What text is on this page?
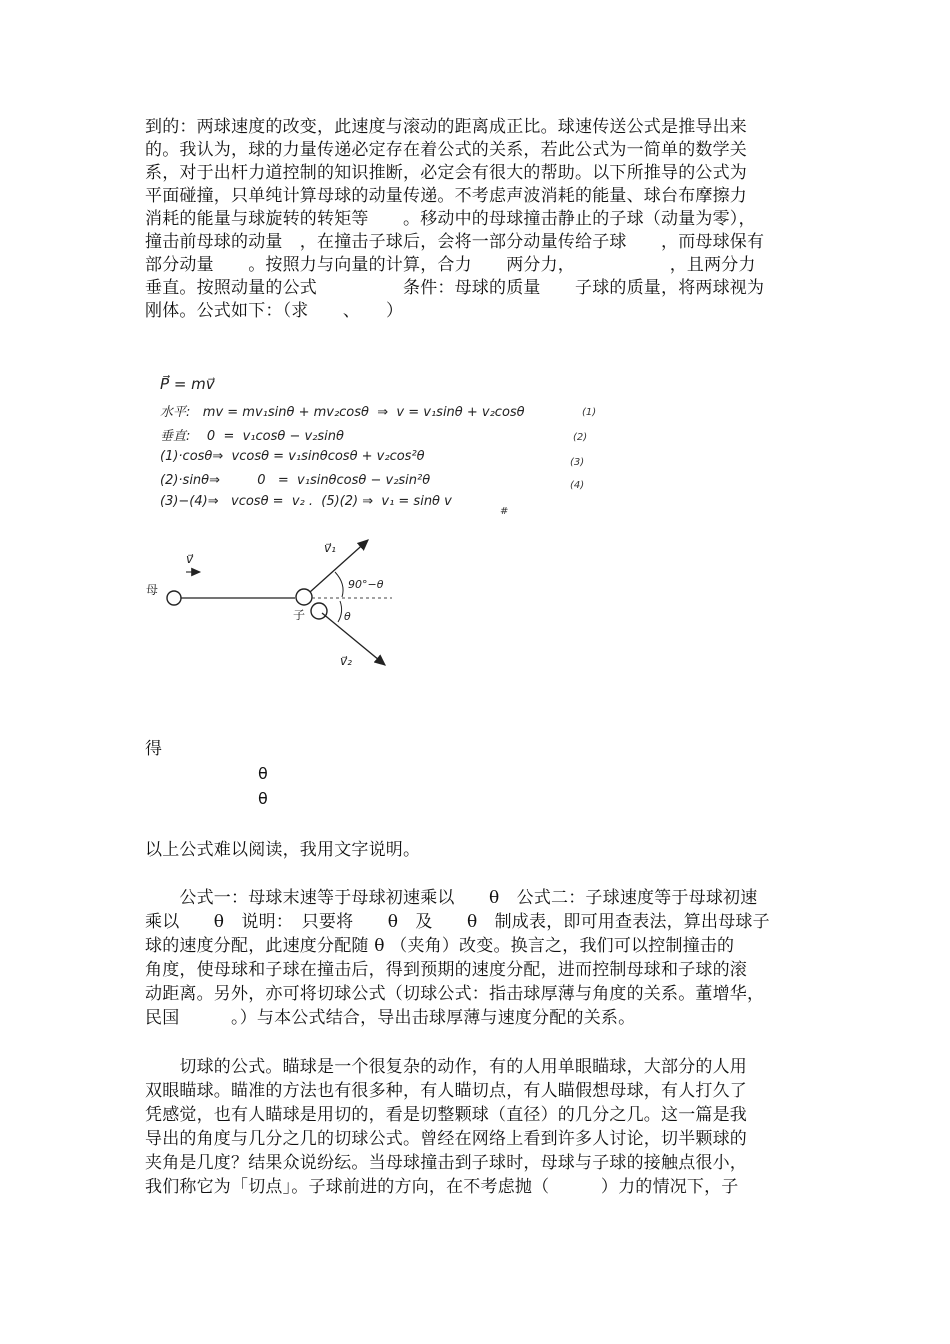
到的：两球速度的改变，此速度与滚动的距离成正比。球速传送公式是推导出来
的。我认为，球的力量传递必定存在着公式的关系，若此公式为一简单的数学关
系，对于出杆力道控制的知识推断，必定会有很大的帮助。以下所推导的公式为
平面碰撞，只单纯计算母球的动量传递。不考虑声波消耗的能量、球台布摩擦力
消耗的能量与球旋转的转矩等　　。移动中的母球撞击静止的子球（动量为零），
撞击前母球的动量　，在撞击子球后，会将一部分动量传给子球　　，而母球保有
部分动量　　。按照力与向量的计算，合力　　两分力，　　　　　　，且两分力
垂直。按照动量的公式　　　　　条件：母球的质量　　子球的质量，将两球视为
刚体。公式如下：（求　　、　　）
P⃗ = mv⃗
水平:   mv = mv₁sinθ + mv₂cosθ  ⇒  v = v₁sinθ + v₂cosθ
垂直:    0  =  v₁cosθ − v₂sinθ
(1)·cosθ⇒  vcosθ = v₁sinθcosθ + v₂cos²θ
(2)·sinθ⇒         0   =  v₁sinθcosθ − v₂sin²θ
(3)−(4)⇒   vcosθ =  v₂ .  (5)(2) ⇒  v₁ = sinθ v
(1)
(2)
(3)
(4)
#
母
子
v⃗
v⃗₁
v⃗₂
90°−θ
θ
得
θ
θ
以上公式难以阅读，我用文字说明。
　　公式一：母球末速等于母球初速乘以　　θ　公式二：子球速度等于母球初速
乘以　　θ　说明：　只要将　　θ　及　　θ　制成表，即可用查表法，算出母球子
球的速度分配，此速度分配随 θ （夹角）改变。换言之，我们可以控制撞击的
角度，使母球和子球在撞击后，得到预期的速度分配，进而控制母球和子球的滚
动距离。另外，亦可将切球公式（切球公式：指击球厚薄与角度的关系。董增华，
民国　　　。）与本公式结合，导出击球厚薄与速度分配的关系。
　　切球的公式。瞄球是一个很复杂的动作，有的人用单眼瞄球，大部分的人用
双眼瞄球。瞄准的方法也有很多种，有人瞄切点，有人瞄假想母球，有人打久了
凭感觉，也有人瞄球是用切的，看是切整颗球（直径）的几分之几。这一篇是我
导出的角度与几分之几的切球公式。曾经在网络上看到许多人讨论，切半颗球的
夹角是几度？结果众说纷纭。当母球撞击到子球时，母球与子球的接触点很小，
我们称它为「切点」。子球前进的方向，在不考虑抛（　　　）力的情况下，子
